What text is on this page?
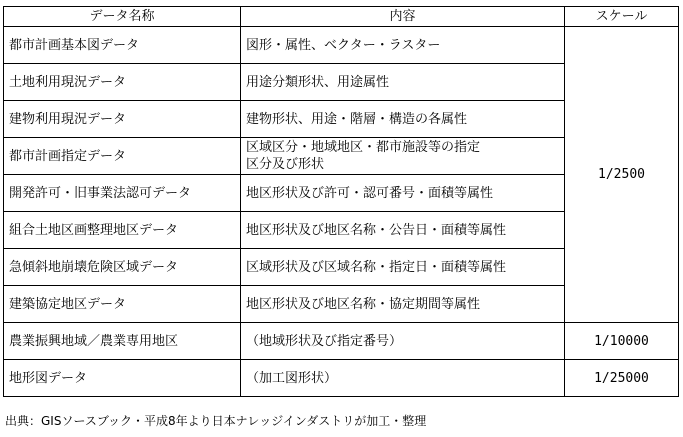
データ名称	内容	スケール
都市計画基本図データ	図形・属性、ベクター・ラスター	1/2500
土地利用現況データ	用途分類形状、用途属性	
建物利用現況データ	建物形状、用途・階層・構造の各属性	
都市計画指定データ	区域区分・地域地区・都市施設等の指定
区分及び形状	

開発許可・旧事業法認可データ	地区形状及び許可・認可番号・面積等属性	
組合土地区画整理地区データ	地区形状及び地区名称・公告日・面積等属性	
急傾斜地崩壊危険区域データ	区域形状及び区域名称・指定日・面積等属性	
建築協定地区データ	地区形状及び地区名称・協定期間等属性	
農業振興地域／農業専用地区	（地域形状及び指定番号）	1/10000
地形図データ	（加工図形状）	1/25000
出典：GISソースブック・平成8年より日本ナレッジインダストリが加工・整理
